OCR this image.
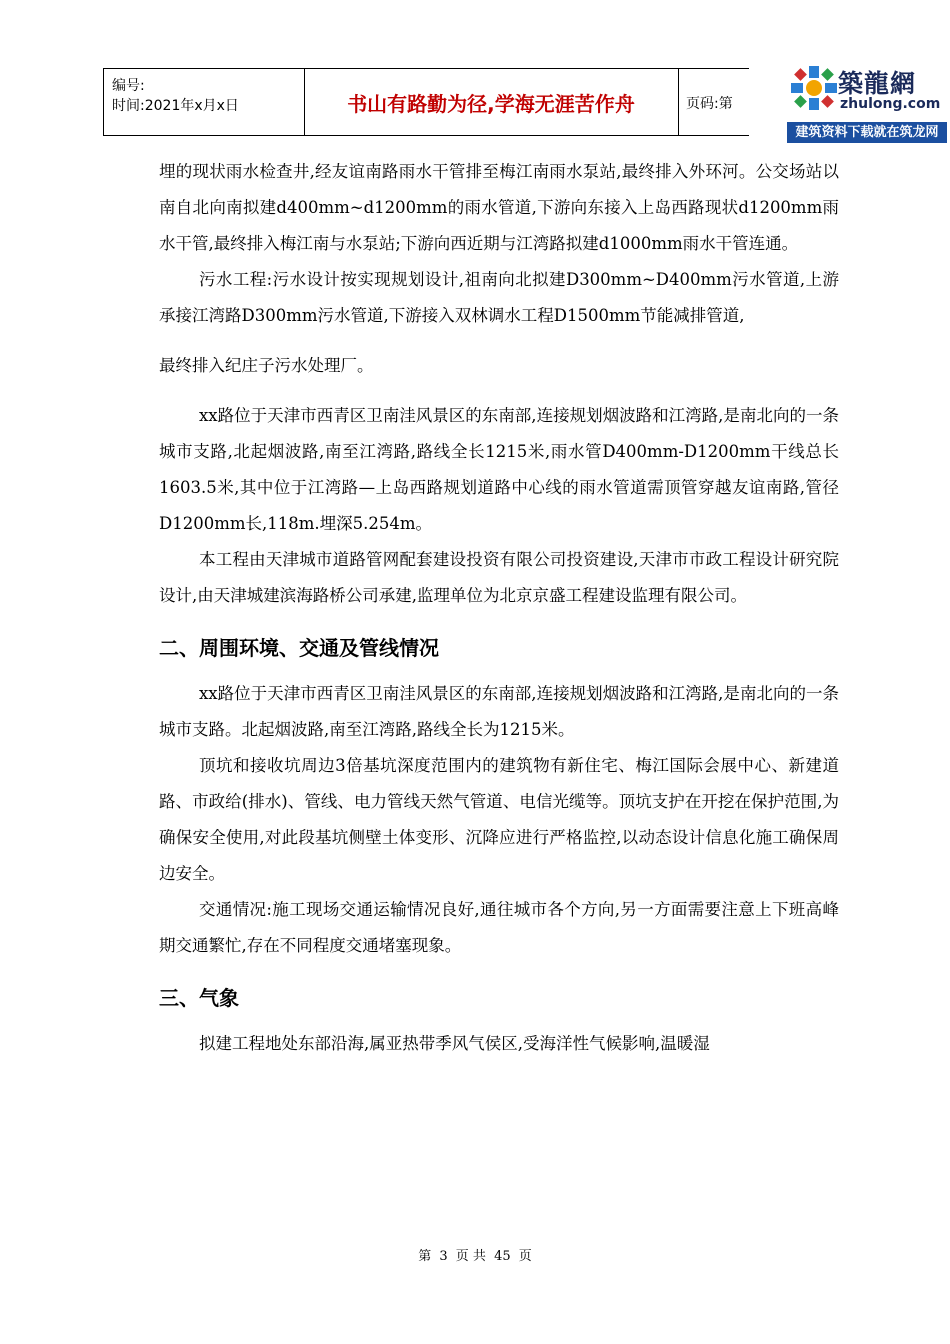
编号:
时间:2021年x月x日	书山有路勤为径,学海无涯苦作舟	页码:第
築龍網
zhulong.com
建筑资料下载就在筑龙网

埋的现状雨水检查井,经友谊南路雨水干管排至梅江南雨水泵站,最终排入外环河。公交场站以南自北向南拟建d400mm~d1200mm的雨水管道,下游向东接入上岛西路现状d1200mm雨水干管,最终排入梅江南与水泵站;下游向西近期与江湾路拟建d1000mm雨水干管连通。

污水工程:污水设计按实现规划设计,祖南向北拟建D300mm~D400mm污水管道,上游承接江湾路D300mm污水管道,下游接入双林调水工程D1500mm节能减排管道,

最终排入纪庄子污水处理厂。

xx路位于天津市西青区卫南洼风景区的东南部,连接规划烟波路和江湾路,是南北向的一条城市支路,北起烟波路,南至江湾路,路线全长1215米,雨水管D400mm-D1200mm干线总长1603.5米,其中位于江湾路—上岛西路规划道路中心线的雨水管道需顶管穿越友谊南路,管径D1200mm长,118m.埋深5.254m。

本工程由天津城市道路管网配套建设投资有限公司投资建设,天津市市政工程设计研究院设计,由天津城建滨海路桥公司承建,监理单位为北京京盛工程建设监理有限公司。

二、周围环境、交通及管线情况

xx路位于天津市西青区卫南洼风景区的东南部,连接规划烟波路和江湾路,是南北向的一条城市支路。北起烟波路,南至江湾路,路线全长为1215米。

顶坑和接收坑周边3倍基坑深度范围内的建筑物有新住宅、梅江国际会展中心、新建道路、市政给(排水)、管线、电力管线天然气管道、电信光缆等。顶坑支护在开挖在保护范围,为确保安全使用,对此段基坑侧壁土体变形、沉降应进行严格监控,以动态设计信息化施工确保周边安全。

交通情况:施工现场交通运输情况良好,通往城市各个方向,另一方面需要注意上下班高峰期交通繁忙,存在不同程度交通堵塞现象。

三、气象

拟建工程地处东部沿海,属亚热带季风气侯区,受海洋性气候影响,温暖湿

第 3 页 共 45 页
